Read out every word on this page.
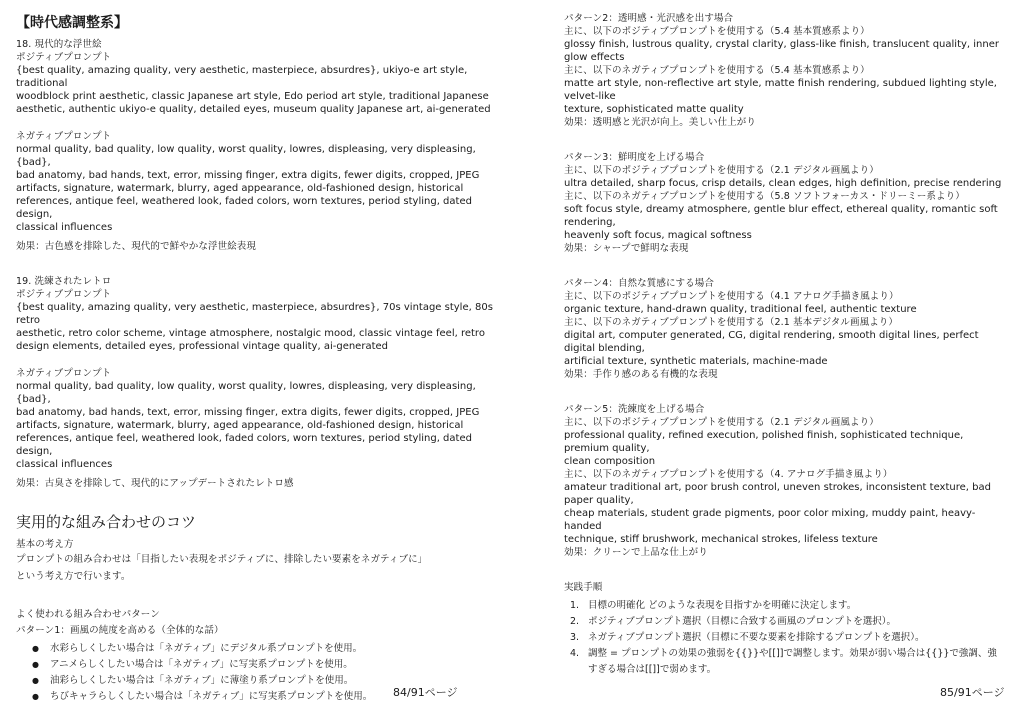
【時代感調整系】

18. 現代的な浮世絵

ポジティブプロンプト

{best quality, amazing quality, very aesthetic, masterpiece, absurdres}, ukiyo-e art style, traditional

woodblock print aesthetic, classic Japanese art style, Edo period art style, traditional Japanese

aesthetic, authentic ukiyo-e quality, detailed eyes, museum quality Japanese art, ai-generated

ネガティブプロンプト

normal quality, bad quality, low quality, worst quality, lowres, displeasing, very displeasing, {bad},

bad anatomy, bad hands, text, error, missing finger, extra digits, fewer digits, cropped, JPEG

artifacts, signature, watermark, blurry, aged appearance, old-fashioned design, historical

references, antique feel, weathered look, faded colors, worn textures, period styling, dated design,

classical influences

効果：古色感を排除した、現代的で鮮やかな浮世絵表現

19. 洗練されたレトロ

ポジティブプロンプト

{best quality, amazing quality, very aesthetic, masterpiece, absurdres}, 70s vintage style, 80s retro

aesthetic, retro color scheme, vintage atmosphere, nostalgic mood, classic vintage feel, retro

design elements, detailed eyes, professional vintage quality, ai-generated

ネガティブプロンプト

normal quality, bad quality, low quality, worst quality, lowres, displeasing, very displeasing, {bad},

bad anatomy, bad hands, text, error, missing finger, extra digits, fewer digits, cropped, JPEG

artifacts, signature, watermark, blurry, aged appearance, old-fashioned design, historical

references, antique feel, weathered look, faded colors, worn textures, period styling, dated design,

classical influences

効果：古臭さを排除して、現代的にアップデートされたレトロ感

実用的な組み合わせのコツ

基本の考え方

プロンプトの組み合わせは「目指したい表現をポジティブに、排除したい要素をネガティブに」

という考え方で行います。

よく使われる組み合わせパターン

パターン1：画風の純度を高める（全体的な話）

● 水彩らしくしたい場合は「ネガティブ」にデジタル系プロンプトを使用。
● アニメらしくしたい場合は「ネガティブ」に写実系プロンプトを使用。
● 油彩らしくしたい場合は「ネガティブ」に薄塗り系プロンプトを使用。
● ちびキャラらしくしたい場合は「ネガティブ」に写実系プロンプトを使用。	84/91ページ

パターン2：透明感・光沢感を出す場合

主に、以下のポジティブプロンプトを使用する（5.4 基本質感系より）

glossy finish, lustrous quality, crystal clarity, glass-like finish, translucent quality, inner glow effects

主に、以下のネガティブプロンプトを使用する（5.4 基本質感系より）

matte art style, non-reflective art style, matte finish rendering, subdued lighting style, velvet-like

texture, sophisticated matte quality

効果：透明感と光沢が向上。美しい仕上がり

パターン3：鮮明度を上げる場合

主に、以下のポジティブプロンプトを使用する（2.1 デジタル画風より）

ultra detailed, sharp focus, crisp details, clean edges, high definition, precise rendering

主に、以下のネガティブプロンプトを使用する（5.8 ソフトフォーカス・ドリーミー系より）

soft focus style, dreamy atmosphere, gentle blur effect, ethereal quality, romantic soft rendering,

heavenly soft focus, magical softness

効果：シャープで鮮明な表現

パターン4：自然な質感にする場合

主に、以下のポジティブプロンプトを使用する（4.1 アナログ手描き風より）

organic texture, hand-drawn quality, traditional feel, authentic texture

主に、以下のネガティブプロンプトを使用する（2.1 基本デジタル画風より）

digital art, computer generated, CG, digital rendering, smooth digital lines, perfect digital blending,

artificial texture, synthetic materials, machine-made

効果：手作り感のある有機的な表現

パターン5：洗練度を上げる場合

主に、以下のポジティブプロンプトを使用する（2.1 デジタル画風より）

professional quality, refined execution, polished finish, sophisticated technique, premium quality,

clean composition

主に、以下のネガティブプロンプトを使用する（4. アナログ手描き風より）

amateur traditional art, poor brush control, uneven strokes, inconsistent texture, bad paper quality,

cheap materials, student grade pigments, poor color mixing, muddy paint, heavy-handed

technique, stiff brushwork, mechanical strokes, lifeless texture

効果：クリーンで上品な仕上がり

実践手順

1. 目標の明確化 どのような表現を目指すかを明確に決定します。
2. ポジティブプロンプト選択（目標に合致する画風のプロンプトを選択）。
3. ネガティブプロンプト選択（目標に不要な要素を排除するプロンプトを選択）。
4. 調整 = プロンプトの効果の強弱を{{}}や[[]]で調整します。効果が弱い場合は{{}}で強調、強
すぎる場合は[[]]で弱めます。
85/91ページ
